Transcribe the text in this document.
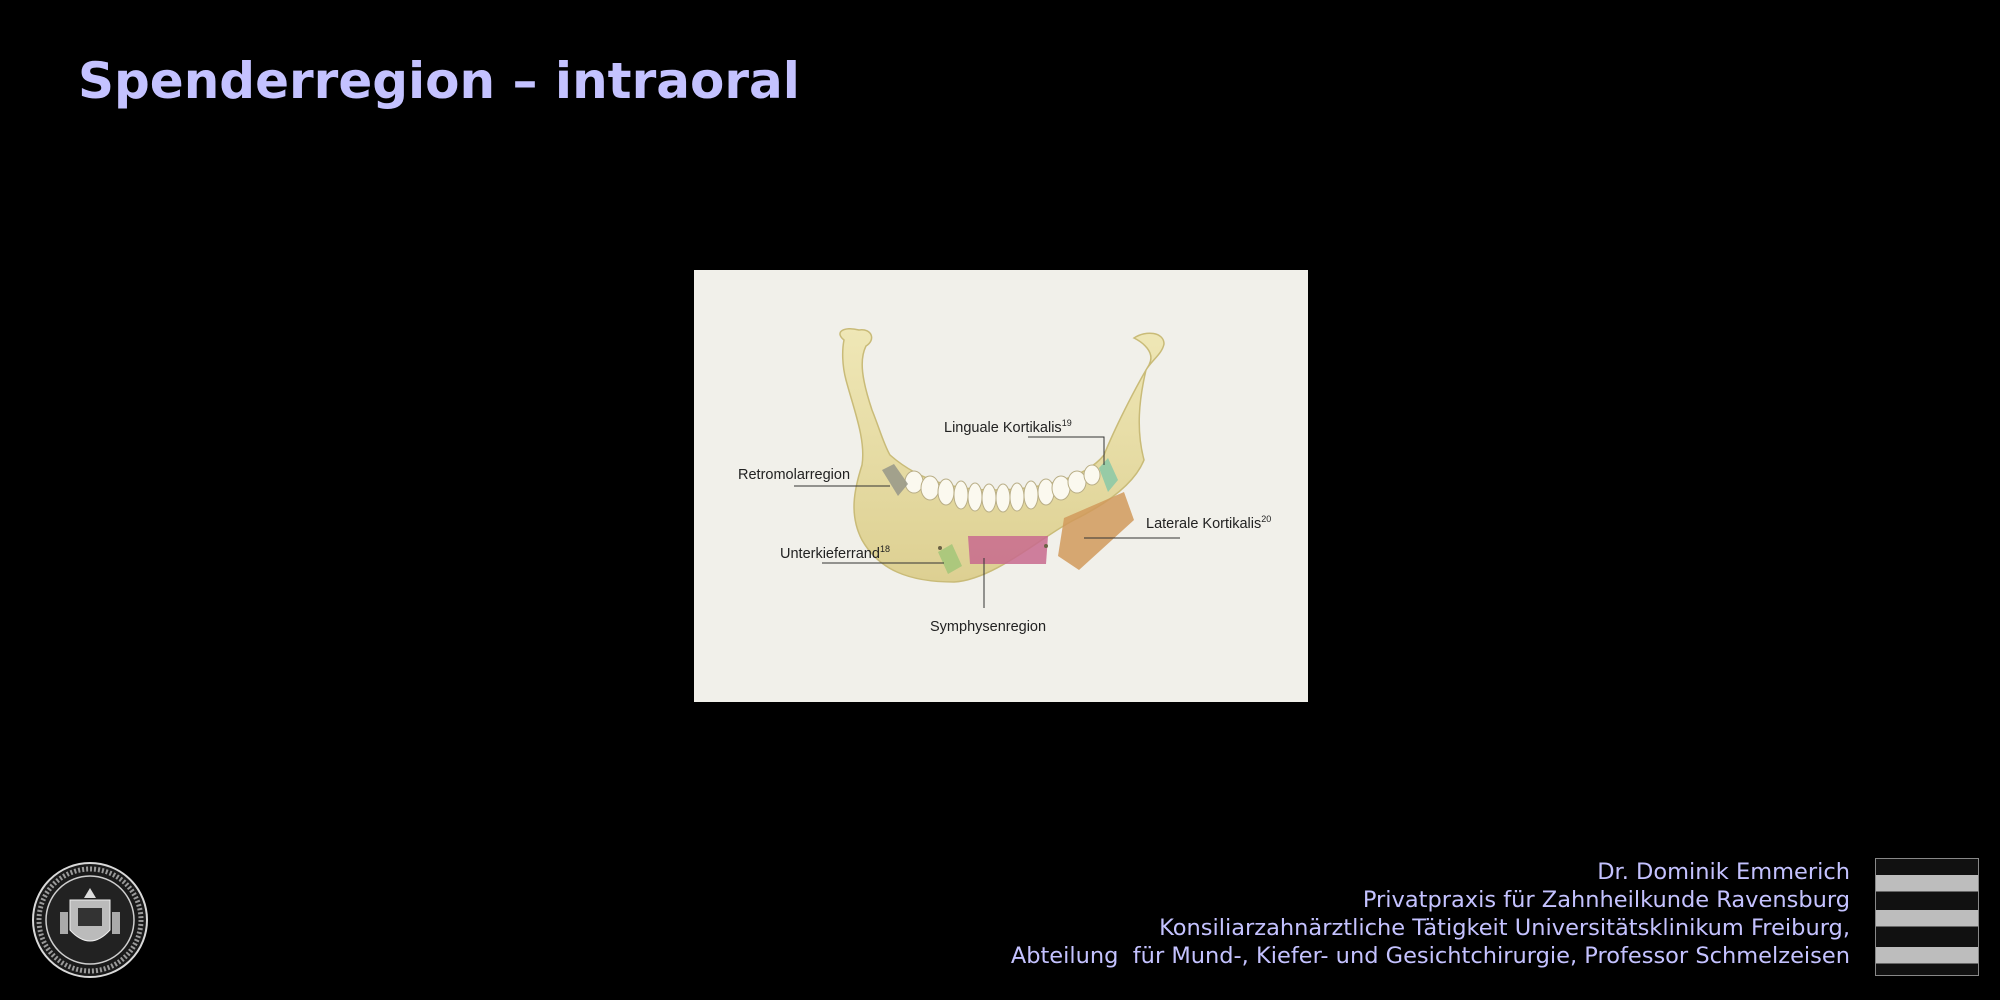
Spenderregion – intraoral
Linguale Kortikalis$^{19}$
Retromolarregion
Laterale Kortikalis$^{20}$
Unterkieferrand$^{18}$
Symphysenregion
Dr. Dominik Emmerich
Privatpraxis für Zahnheilkunde Ravensburg
Konsiliarzahnärztliche Tätigkeit Universitätsklinikum Freiburg,
Abteilung  für Mund-, Kiefer- und Gesichtchirurgie, Professor Schmelzeisen
